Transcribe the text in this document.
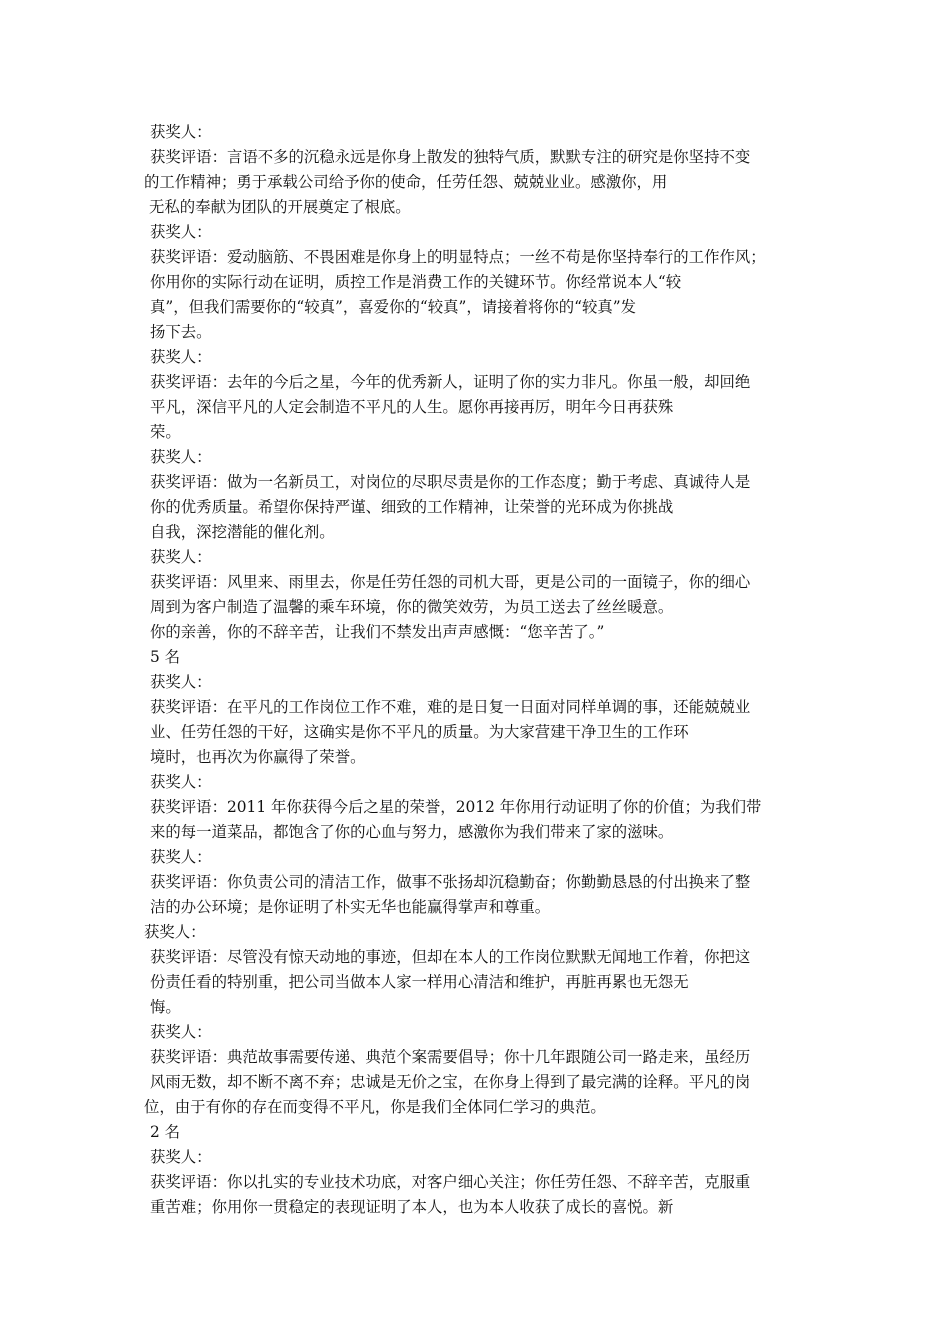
获奖人：
获奖评语：言语不多的沉稳永远是你身上散发的独特气质，默默专注的研究是你坚持不变
的工作精神；勇于承载公司给予你的使命，任劳任怨、兢兢业业。感激你，用
无私的奉献为团队的开展奠定了根底。
获奖人：
获奖评语：爱动脑筋、不畏困难是你身上的明显特点；一丝不苟是你坚持奉行的工作作风；
你用你的实际行动在证明，质控工作是消费工作的关键环节。你经常说本人“较
真”，但我们需要你的“较真”，喜爱你的“较真”，请接着将你的“较真”发
扬下去。
获奖人：
获奖评语：去年的今后之星，今年的优秀新人，证明了你的实力非凡。你虽一般，却回绝
平凡，深信平凡的人定会制造不平凡的人生。愿你再接再厉，明年今日再获殊
荣。
获奖人：
获奖评语：做为一名新员工，对岗位的尽职尽责是你的工作态度；勤于考虑、真诚待人是
你的优秀质量。希望你保持严谨、细致的工作精神，让荣誉的光环成为你挑战
自我，深挖潜能的催化剂。
获奖人：
获奖评语：风里来、雨里去，你是任劳任怨的司机大哥，更是公司的一面镜子，你的细心
周到为客户制造了温馨的乘车环境，你的微笑效劳，为员工送去了丝丝暖意。
你的亲善，你的不辞辛苦，让我们不禁发出声声感慨：“您辛苦了。”
5 名
获奖人：
获奖评语：在平凡的工作岗位工作不难，难的是日复一日面对同样单调的事，还能兢兢业
业、任劳任怨的干好，这确实是你不平凡的质量。为大家营建干净卫生的工作环
境时，也再次为你赢得了荣誉。
获奖人：
获奖评语：2011 年你获得今后之星的荣誉，2012 年你用行动证明了你的价值；为我们带
来的每一道菜品，都饱含了你的心血与努力，感激你为我们带来了家的滋味。
获奖人：
获奖评语：你负责公司的清洁工作，做事不张扬却沉稳勤奋；你勤勤恳恳的付出换来了整
洁的办公环境；是你证明了朴实无华也能赢得掌声和尊重。
获奖人：
获奖评语：尽管没有惊天动地的事迹，但却在本人的工作岗位默默无闻地工作着，你把这
份责任看的特别重，把公司当做本人家一样用心清洁和维护，再脏再累也无怨无
悔。
获奖人：
获奖评语：典范故事需要传递、典范个案需要倡导；你十几年跟随公司一路走来，虽经历
风雨无数，却不断不离不弃；忠诚是无价之宝，在你身上得到了最完满的诠释。平凡的岗
位，由于有你的存在而变得不平凡，你是我们全体同仁学习的典范。
2 名
获奖人：
获奖评语：你以扎实的专业技术功底，对客户细心关注；你任劳任怨、不辞辛苦，克服重
重苦难；你用你一贯稳定的表现证明了本人，也为本人收获了成长的喜悦。新
